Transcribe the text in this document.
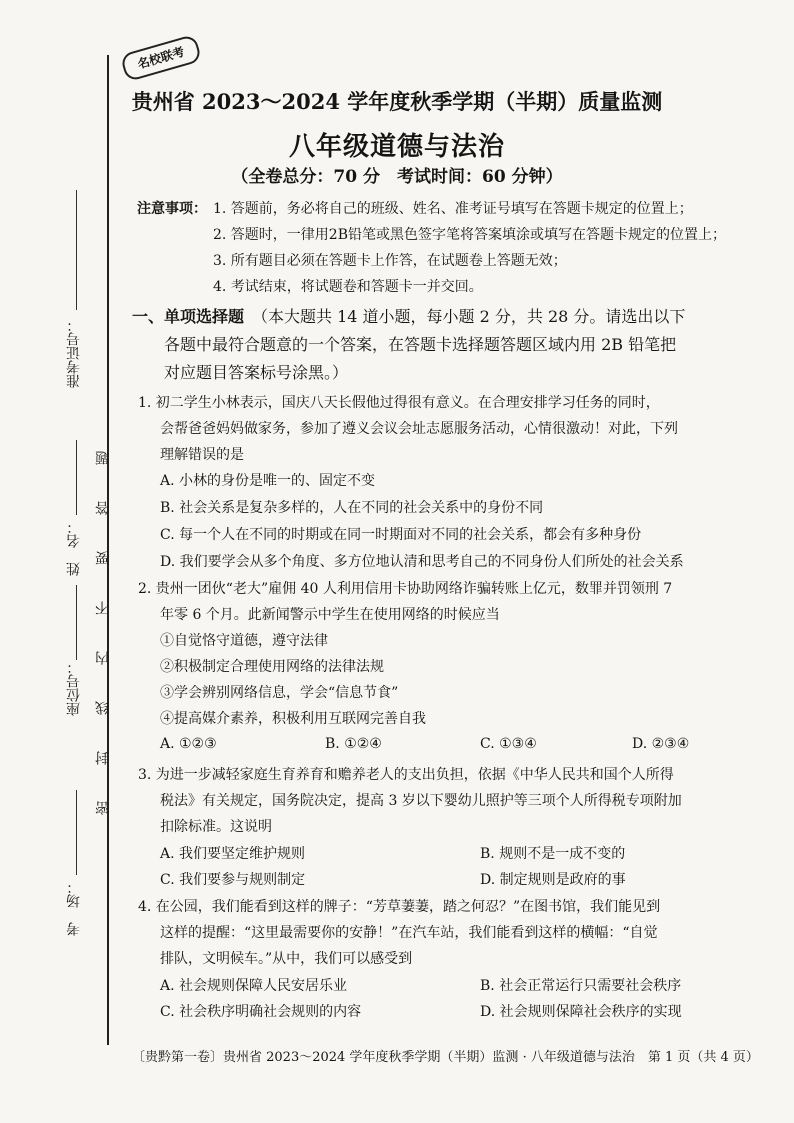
准考证号：
姓　名：
座位号：
考　场：
密　封　线　内　不　要　答　题
名校联考
贵州省 2023～2024 学年度秋季学期（半期）质量监测
八年级道德与法治
（全卷总分：70 分　考试时间：60 分钟）
注意事项： 1. 答题前，务必将自己的班级、姓名、准考证号填写在答题卡规定的位置上；
2. 答题时，一律用2B铅笔或黑色签字笔将答案填涂或填写在答题卡规定的位置上；
3. 所有题目必须在答题卡上作答，在试题卷上答题无效；
4. 考试结束，将试题卷和答题卡一并交回。
一、 单项选择题 （本大题共 14 道小题，每小题 2 分，共 28 分。请选出以下
各题中最符合题意的一个答案，在答题卡选择题答题区域内用 2B 铅笔把
对应题目答案标号涂黑。）
1. 初二学生小林表示，国庆八天长假他过得很有意义。在合理安排学习任务的同时，
会帮爸爸妈妈做家务，参加了遵义会议会址志愿服务活动，心情很激动！对此，下列
理解错误的是
A. 小林的身份是唯一的、固定不变
B. 社会关系是复杂多样的，人在不同的社会关系中的身份不同
C. 每一个人在不同的时期或在同一时期面对不同的社会关系，都会有多种身份
D. 我们要学会从多个角度、多方位地认清和思考自己的不同身份人们所处的社会关系
2. 贵州一团伙“老大”雇佣 40 人利用信用卡协助网络诈骗转账上亿元，数罪并罚领刑 7
年零 6 个月。此新闻警示中学生在使用网络的时候应当
①自觉恪守道德，遵守法律
②积极制定合理使用网络的法律法规
③学会辨别网络信息，学会“信息节食”
④提高媒介素养，积极利用互联网完善自我
A. ①②③	B. ①②④	C. ①③④	D. ②③④
3. 为进一步减轻家庭生育养育和赡养老人的支出负担，依据《中华人民共和国个人所得
税法》有关规定，国务院决定，提高 3 岁以下婴幼儿照护等三项个人所得税专项附加
扣除标准。这说明
A. 我们要坚定维护规则	B. 规则不是一成不变的
C. 我们要参与规则制定	D. 制定规则是政府的事
4. 在公园，我们能看到这样的牌子：“芳草萋萋，踏之何忍？”在图书馆，我们能见到
这样的提醒：“这里最需要你的安静！”在汽车站，我们能看到这样的横幅：“自觉
排队，文明候车。”从中，我们可以感受到
A. 社会规则保障人民安居乐业	B. 社会正常运行只需要社会秩序
C. 社会秩序明确社会规则的内容	D. 社会规则保障社会秩序的实现
〔贵黔第一卷〕贵州省 2023～2024 学年度秋季学期（半期）监测 · 八年级道德与法治　第 1 页（共 4 页）
